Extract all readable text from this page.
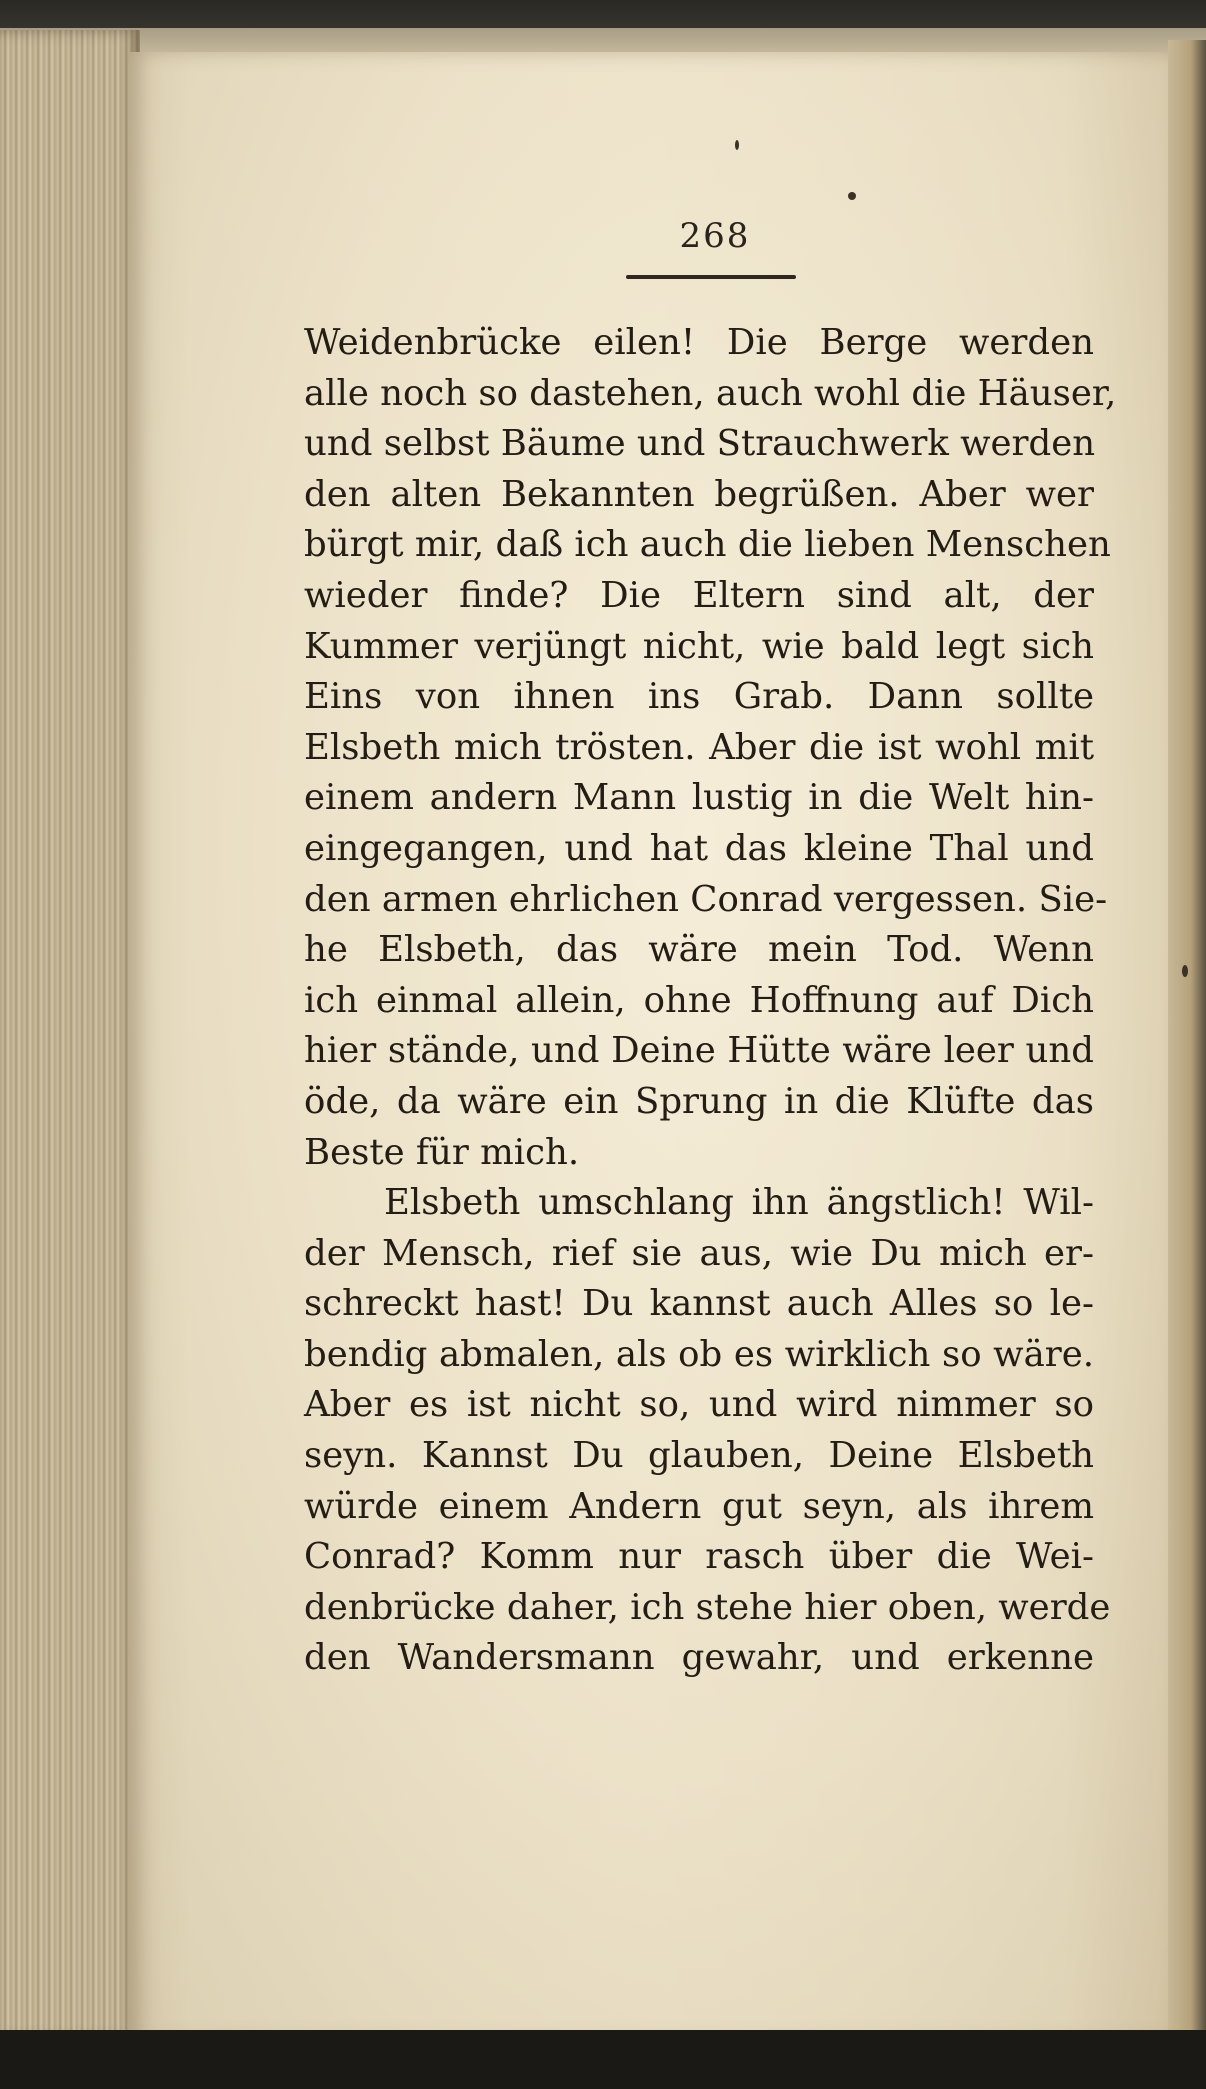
268
Weidenbrücke eilen! Die Berge werden
alle noch so dastehen, auch wohl die Häuser,
und selbst Bäume und Strauchwerk werden
den alten Bekannten begrüßen. Aber wer
bürgt mir, daß ich auch die lieben Menschen
wieder finde? Die Eltern sind alt, der
Kummer verjüngt nicht, wie bald legt sich
Eins von ihnen ins Grab. Dann sollte
Elsbeth mich trösten. Aber die ist wohl mit
einem andern Mann lustig in die Welt hin-
eingegangen, und hat das kleine Thal und
den armen ehrlichen Conrad vergessen. Sie-
he Elsbeth, das wäre mein Tod. Wenn
ich einmal allein, ohne Hoffnung auf Dich
hier stände, und Deine Hütte wäre leer und
öde, da wäre ein Sprung in die Klüfte das
Beste für mich.
Elsbeth umschlang ihn ängstlich! Wil-
der Mensch, rief sie aus, wie Du mich er-
schreckt hast! Du kannst auch Alles so le-
bendig abmalen, als ob es wirklich so wäre.
Aber es ist nicht so, und wird nimmer so
seyn. Kannst Du glauben, Deine Elsbeth
würde einem Andern gut seyn, als ihrem
Conrad? Komm nur rasch über die Wei-
denbrücke daher, ich stehe hier oben, werde
den Wandersmann gewahr, und erkenne
